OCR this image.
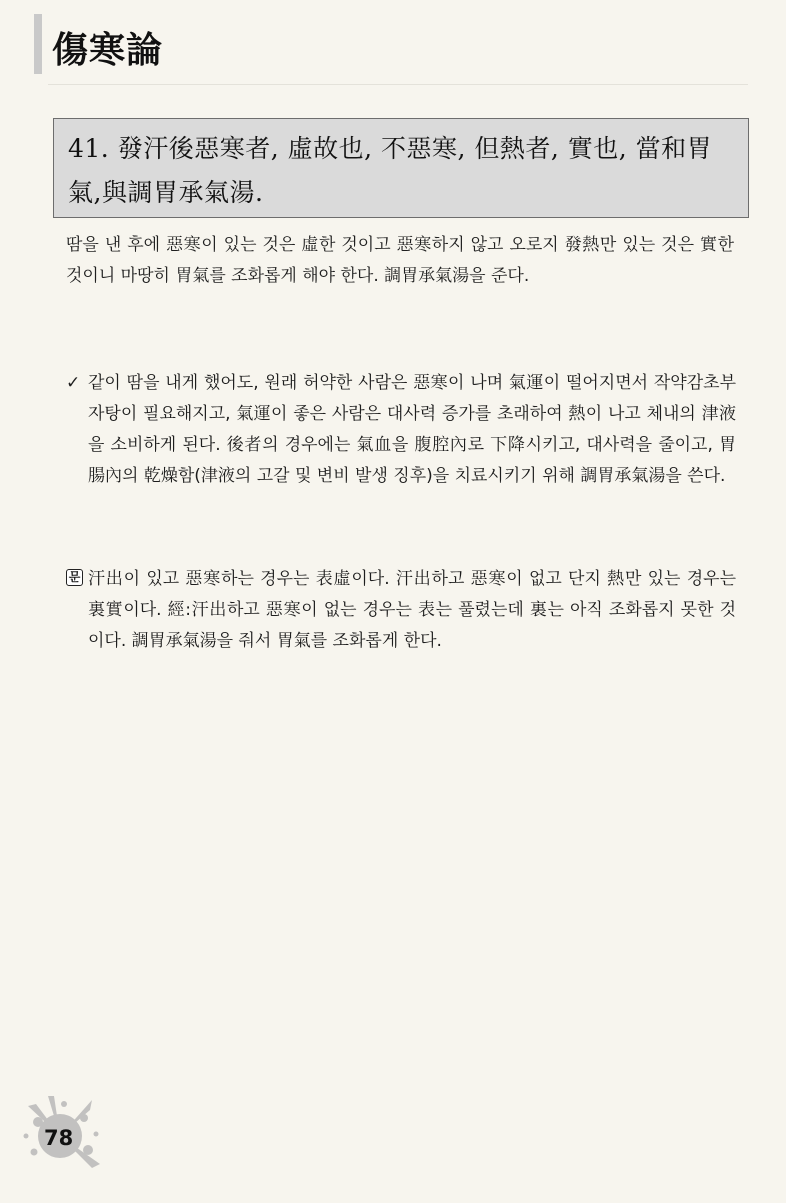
傷寒論
41. 發汗後惡寒者, 虛故也, 不惡寒, 但熱者, 實也, 當和胃氣,與調胃承氣湯.
땀을 낸 후에 惡寒이 있는 것은 虛한 것이고 惡寒하지 않고 오로지 發熱만 있는 것은 實한 것이니 마땅히 胃氣를 조화롭게 해야 한다. 調胃承氣湯을 준다.
✓ 같이 땀을 내게 했어도, 원래 허약한 사람은 惡寒이 나며 氣運이 떨어지면서 작약감초부자탕이 필요해지고, 氣運이 좋은 사람은 대사력 증가를 초래하여 熱이 나고 체내의 津液을 소비하게 된다. 後者의 경우에는 氣血을 腹腔內로 下降시키고, 대사력을 줄이고, 胃腸內의 乾燥함(津液의 고갈 및 변비 발생 징후)을 치료시키기 위해 調胃承氣湯을 쓴다.
문 汗出이 있고 惡寒하는 경우는 表虛이다. 汗出하고 惡寒이 없고 단지 熱만 있는 경우는 裏實이다. 經:汗出하고 惡寒이 없는 경우는 表는 풀렸는데 裏는 아직 조화롭지 못한 것이다. 調胃承氣湯을 줘서 胃氣를 조화롭게 한다.
78
